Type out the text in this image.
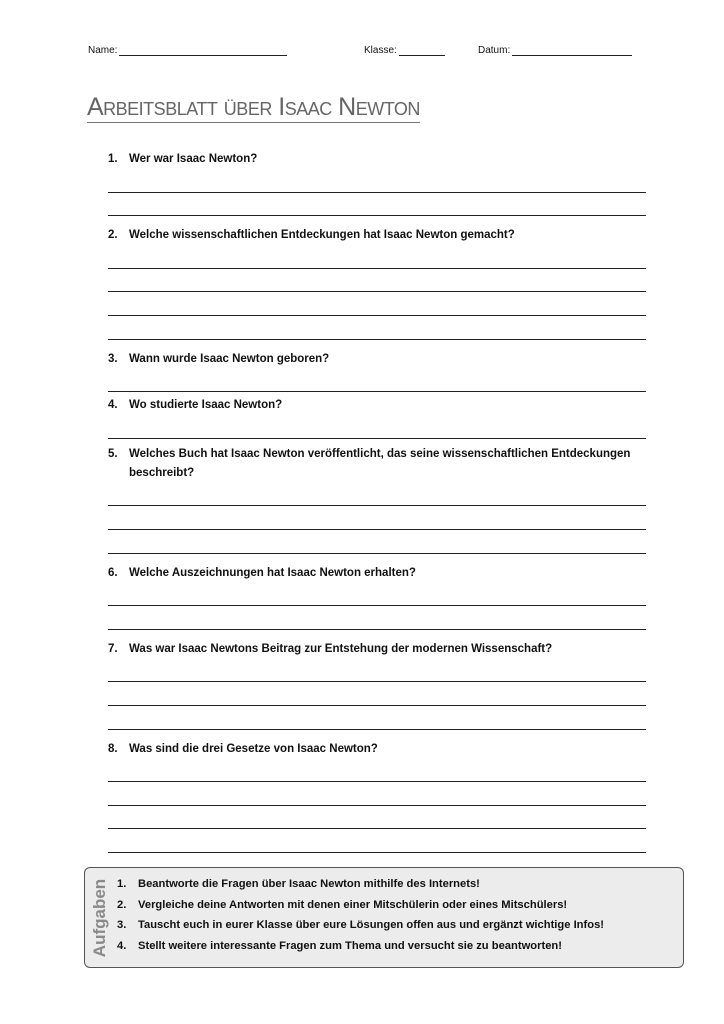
Name:	Klasse:	Datum:
Arbeitsblatt über Isaac Newton
1. Wer war Isaac Newton?
2. Welche wissenschaftlichen Entdeckungen hat Isaac Newton gemacht?
3. Wann wurde Isaac Newton geboren?
4. Wo studierte Isaac Newton?
5. Welches Buch hat Isaac Newton veröffentlicht, das seine wissenschaftlichen Entdeckungen beschreibt?
6. Welche Auszeichnungen hat Isaac Newton erhalten?
7. Was war Isaac Newtons Beitrag zur Entstehung der modernen Wissenschaft?
8. Was sind die drei Gesetze von Isaac Newton?
Aufgaben 1.	Beantworte die Fragen über Isaac Newton mithilfe des Internets!
2.	Vergleiche deine Antworten mit denen einer Mitschülerin oder eines Mitschülers!
3.	Tauscht euch in eurer Klasse über eure Lösungen offen aus und ergänzt wichtige Infos!
4.	Stellt weitere interessante Fragen zum Thema und versucht sie zu beantworten!
